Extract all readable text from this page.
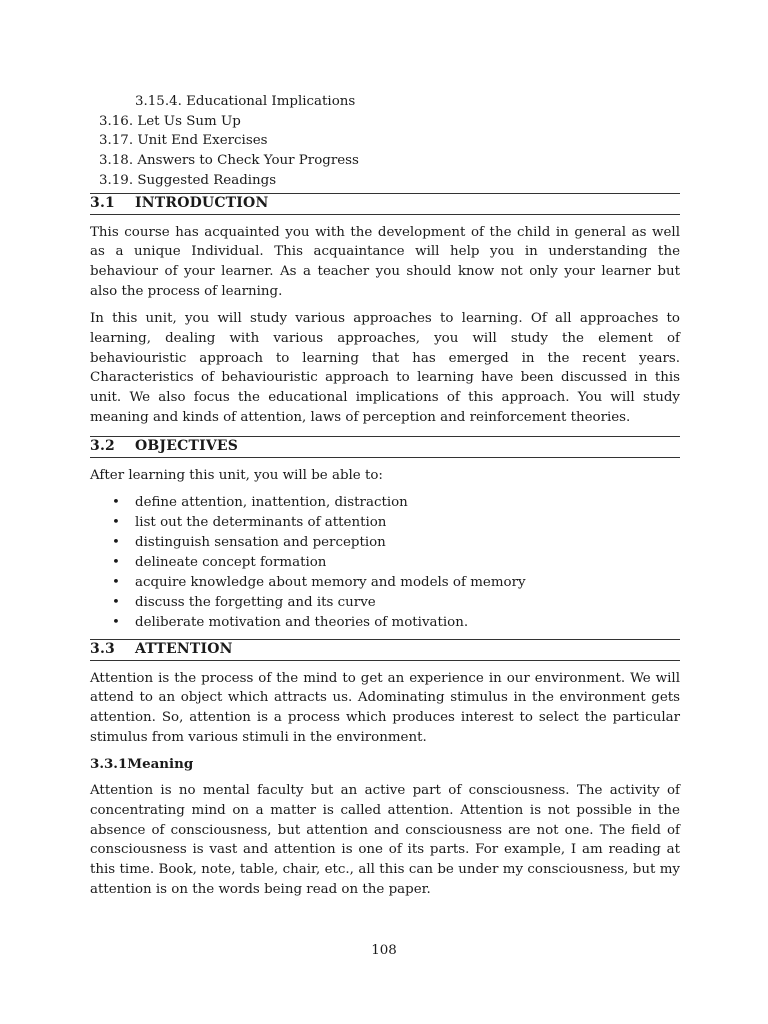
3.15.4. Educational Implications
3.16. Let Us Sum Up
3.17. Unit End Exercises
3.18. Answers to Check Your Progress
3.19. Suggested Readings
3.1 INTRODUCTION

This course has acquainted you with the development of the child in general as well as a unique Individual. This acquaintance will help you in understanding the behaviour of your learner. As a teacher you should know not only your learner but also the process of learning.

In this unit, you will study various approaches to learning. Of all approaches to learning, dealing with various approaches, you will study the element of behaviouristic approach to learning that has emerged in the recent years. Characteristics of behaviouristic approach to learning have been discussed in this unit. We also focus the educational implications of this approach. You will study meaning and kinds of attention, laws of perception and reinforcement theories.

3.2 OBJECTIVES

After learning this unit, you will be able to:

• define attention, inattention, distraction
• list out the determinants of attention
• distinguish sensation and perception
• delineate concept formation
• acquire knowledge about memory and models of memory
• discuss the forgetting and its curve
• deliberate motivation and theories of motivation.
3.3 ATTENTION

Attention is the process of the mind to get an experience in our environment. We will attend to an object which attracts us. Adominating stimulus in the environment gets attention. So, attention is a process which produces interest to select the particular stimulus from various stimuli in the environment.

3.3.1Meaning

Attention is no mental faculty but an active part of consciousness. The activity of concentrating mind on a matter is called attention. Attention is not possible in the absence of consciousness, but attention and consciousness are not one. The field of consciousness is vast and attention is one of its parts. For example, I am reading at this time. Book, note, table, chair, etc., all this can be under my consciousness, but my attention is on the words being read on the paper.

108
